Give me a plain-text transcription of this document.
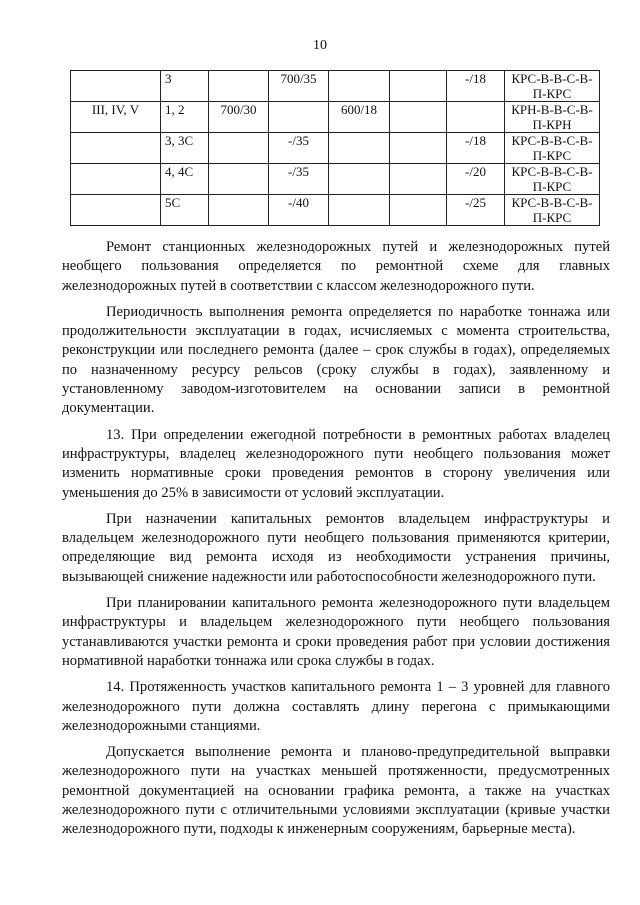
10
	3		700/35			-/18	КРС-В-В-С-В-П-КРС
III, IV, V	1, 2	700/30		600/18			КРН-В-В-С-В-П-КРН
	3, 3С		-/35			-/18	КРС-В-В-С-В-П-КРС
	4, 4С		-/35			-/20	КРС-В-В-С-В-П-КРС
	5С		-/40			-/25	КРС-В-В-С-В-П-КРС

Ремонт станционных железнодорожных путей и железнодорожных путей необщего пользования определяется по ремонтной схеме для главных железнодорожных путей в соответствии с классом железнодорожного пути.

Периодичность выполнения ремонта определяется по наработке тоннажа или продолжительности эксплуатации в годах, исчисляемых с момента строительства, реконструкции или последнего ремонта (далее – срок службы в годах), определяемых по назначенному ресурсу рельсов (сроку службы в годах), заявленному и установленному заводом-изготовителем на основании записи в ремонтной документации.

13. При определении ежегодной потребности в ремонтных работах владелец инфраструктуры, владелец железнодорожного пути необщего пользования может изменить нормативные сроки проведения ремонтов в сторону увеличения или уменьшения до 25% в зависимости от условий эксплуатации.

При назначении капитальных ремонтов владельцем инфраструктуры и владельцем железнодорожного пути необщего пользования применяются критерии, определяющие вид ремонта исходя из необходимости устранения причины, вызывающей снижение надежности или работоспособности железнодорожного пути.

При планировании капитального ремонта железнодорожного пути владельцем инфраструктуры и владельцем железнодорожного пути необщего пользования устанавливаются участки ремонта и сроки проведения работ при условии достижения нормативной наработки тоннажа или срока службы в годах.

14. Протяженность участков капитального ремонта 1 – 3 уровней для главного железнодорожного пути должна составлять длину перегона с примыкающими железнодорожными станциями.

Допускается выполнение ремонта и планово-предупредительной выправки железнодорожного пути на участках меньшей протяженности, предусмотренных ремонтной документацией на основании графика ремонта, а также на участках железнодорожного пути с отличительными условиями эксплуатации (кривые участки железнодорожного пути, подходы к инженерным сооружениям, барьерные места).
